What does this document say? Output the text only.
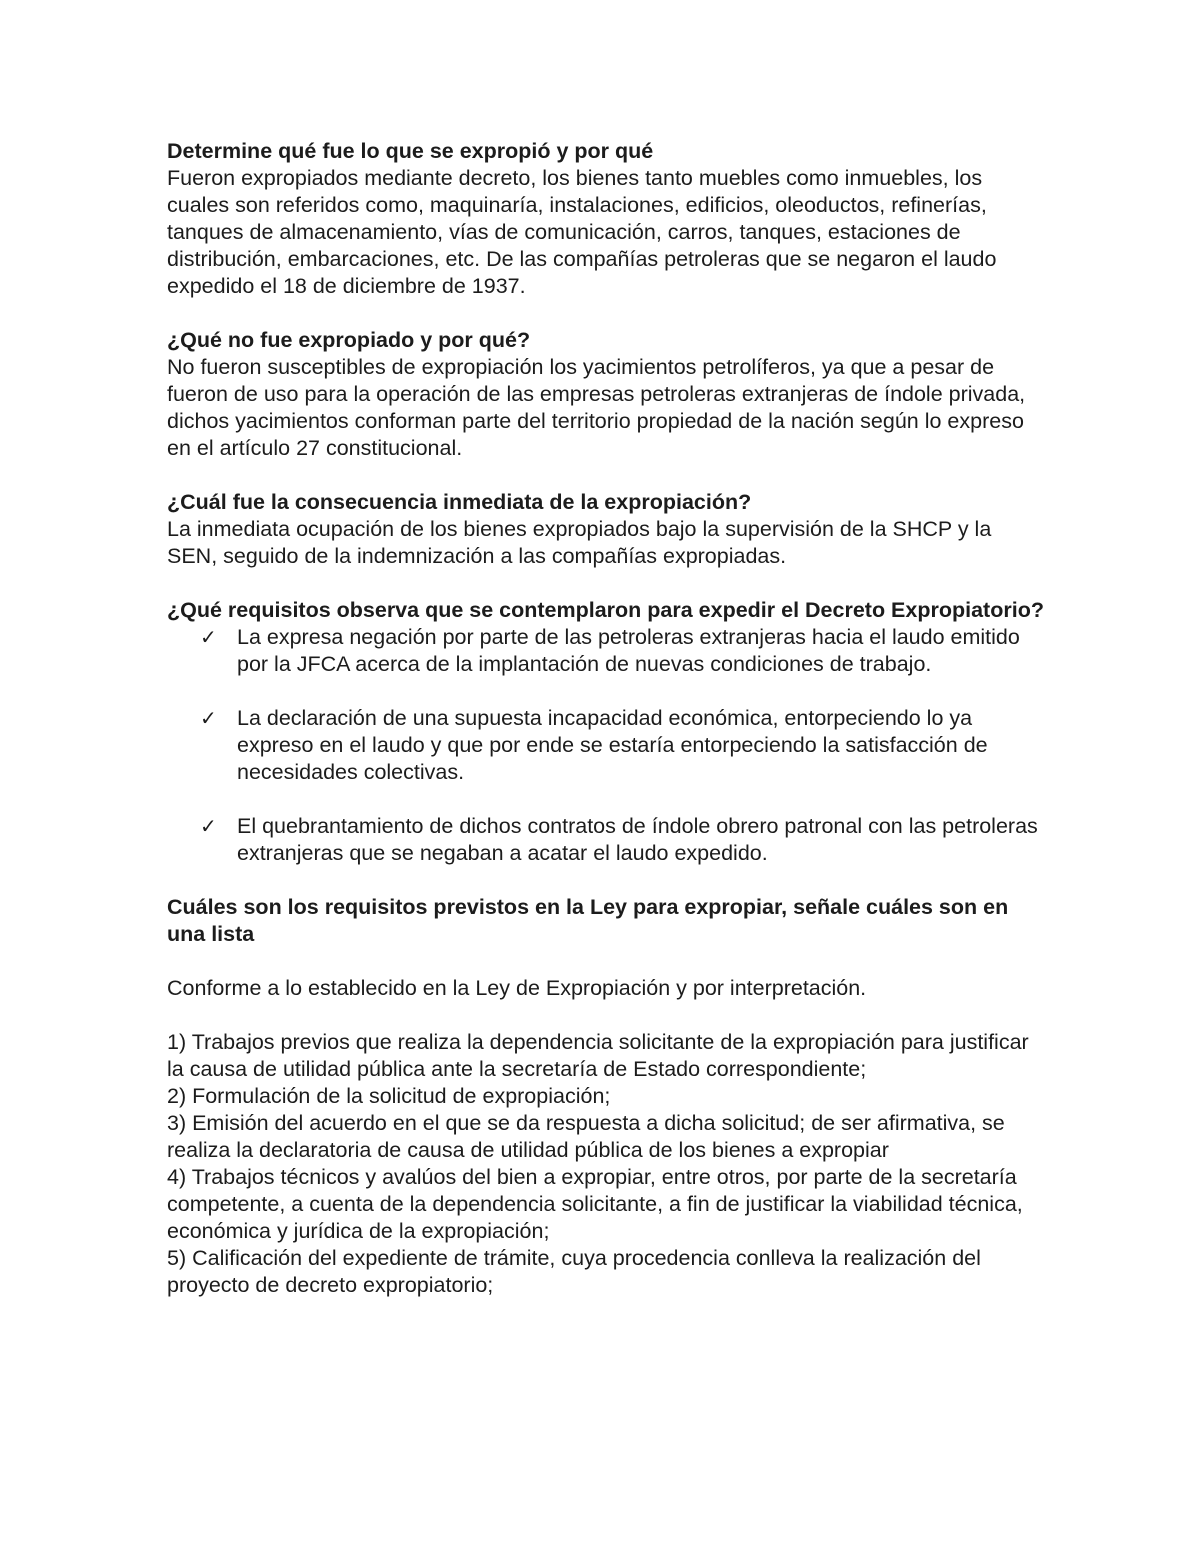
Determine qué fue lo que se expropió y por qué

Fueron expropiados mediante decreto, los bienes tanto muebles como inmuebles, los cuales son referidos como, maquinaría, instalaciones, edificios, oleoductos, refinerías, tanques de almacenamiento, vías de comunicación, carros, tanques, estaciones de distribución, embarcaciones, etc. De las compañías petroleras que se negaron el laudo expedido el 18 de diciembre de 1937.

¿Qué no fue expropiado y por qué?

No fueron susceptibles de expropiación los yacimientos petrolíferos, ya que a pesar de fueron de uso para la operación de las empresas petroleras extranjeras de índole privada, dichos yacimientos conforman parte del territorio propiedad de la nación según lo expreso en el artículo 27 constitucional.

¿Cuál fue la consecuencia inmediata de la expropiación?

La inmediata ocupación de los bienes expropiados bajo la supervisión de la SHCP y la SEN, seguido de la indemnización a las compañías expropiadas.

¿Qué requisitos observa que se contemplaron para expedir el Decreto Expropiatorio?

✓ La expresa negación por parte de las petroleras extranjeras hacia el laudo emitido por la JFCA acerca de la implantación de nuevas condiciones de trabajo.
✓ La declaración de una supuesta incapacidad económica, entorpeciendo lo ya expreso en el laudo y que por ende se estaría entorpeciendo la satisfacción de necesidades colectivas.
✓ El quebrantamiento de dichos contratos de índole obrero patronal con las petroleras extranjeras que se negaban a acatar el laudo expedido.

Cuáles son los requisitos previstos en la Ley para expropiar, señale cuáles son en una lista

Conforme a lo establecido en la Ley de Expropiación y por interpretación.

1) Trabajos previos que realiza la dependencia solicitante de la expropiación para justificar la causa de utilidad pública ante la secretaría de Estado correspondiente;

2) Formulación de la solicitud de expropiación;

3) Emisión del acuerdo en el que se da respuesta a dicha solicitud; de ser afirmativa, se realiza la declaratoria de causa de utilidad pública de los bienes a expropiar

4) Trabajos técnicos y avalúos del bien a expropiar, entre otros, por parte de la secretaría competente, a cuenta de la dependencia solicitante, a fin de justificar la viabilidad técnica, económica y jurídica de la expropiación;

5) Calificación del expediente de trámite, cuya procedencia conlleva la realización del proyecto de decreto expropiatorio;
